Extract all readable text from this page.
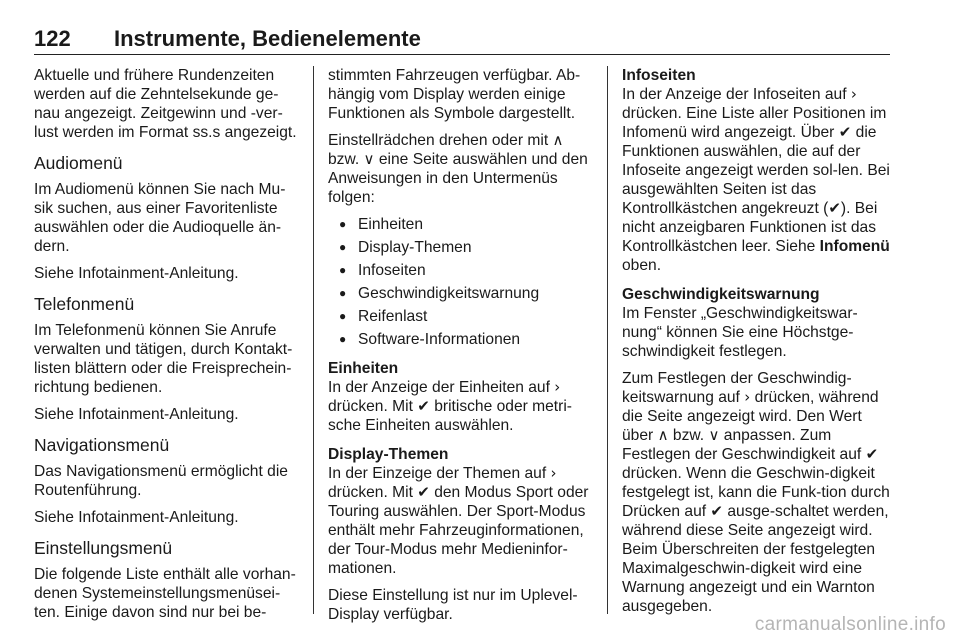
122 Instrumente, Bedienelemente

Aktuelle und frühere Rundenzeiten werden auf die Zehntelsekunde ge-nau angezeigt. Zeitgewinn und -ver-lust werden im Format ss.s angezeigt.

Audiomenü

Im Audiomenü können Sie nach Mu-sik suchen, aus einer Favoritenliste auswählen oder die Audioquelle än-dern.

Siehe Infotainment-Anleitung.

Telefonmenü

Im Telefonmenü können Sie Anrufe verwalten und tätigen, durch Kontakt-listen blättern oder die Freisprechein-richtung bedienen.

Siehe Infotainment-Anleitung.

Navigationsmenü

Das Navigationsmenü ermöglicht die Routenführung.

Siehe Infotainment-Anleitung.

Einstellungsmenü

Die folgende Liste enthält alle vorhan-denen Systemeinstellungsmenüsei-ten. Einige davon sind nur bei be-

stimmten Fahrzeugen verfügbar. Ab-hängig vom Display werden einige Funktionen als Symbole dargestellt.

Einstellrädchen drehen oder mit ∧ bzw. ∨ eine Seite auswählen und den Anweisungen in den Untermenüs folgen:

● Einheiten
● Display-Themen
● Infoseiten
● Geschwindigkeitswarnung
● Reifenlast
● Software-Informationen
Einheiten

In der Anzeige der Einheiten auf › drücken. Mit ✔ britische oder metri-sche Einheiten auswählen.

Display-Themen

In der Einzeige der Themen auf › drücken. Mit ✔ den Modus Sport oder Touring auswählen. Der Sport-Modus enthält mehr Fahrzeuginformationen, der Tour-Modus mehr Medieninfor-mationen.

Diese Einstellung ist nur im Uplevel-Display verfügbar.

Infoseiten

In der Anzeige der Infoseiten auf › drücken. Eine Liste aller Positionen im Infomenü wird angezeigt. Über ✔ die Funktionen auswählen, die auf der Infoseite angezeigt werden sol-len. Bei ausgewählten Seiten ist das Kontrollkästchen angekreuzt (✔). Bei nicht anzeigbaren Funktionen ist das Kontrollkästchen leer. Siehe Infomenü oben.

Geschwindigkeitswarnung

Im Fenster „Geschwindigkeitswar-nung“ können Sie eine Höchstge-schwindigkeit festlegen.

Zum Festlegen der Geschwindig-keitswarnung auf › drücken, während die Seite angezeigt wird. Den Wert über ∧ bzw. ∨ anpassen. Zum Festlegen der Geschwindigkeit auf ✔ drücken. Wenn die Geschwin-digkeit festgelegt ist, kann die Funk-tion durch Drücken auf ✔ ausge-schaltet werden, während diese Seite angezeigt wird. Beim Überschreiten der festgelegten Maximalgeschwin-digkeit wird eine Warnung angezeigt und ein Warnton ausgegeben.

carmanualsonline.info
